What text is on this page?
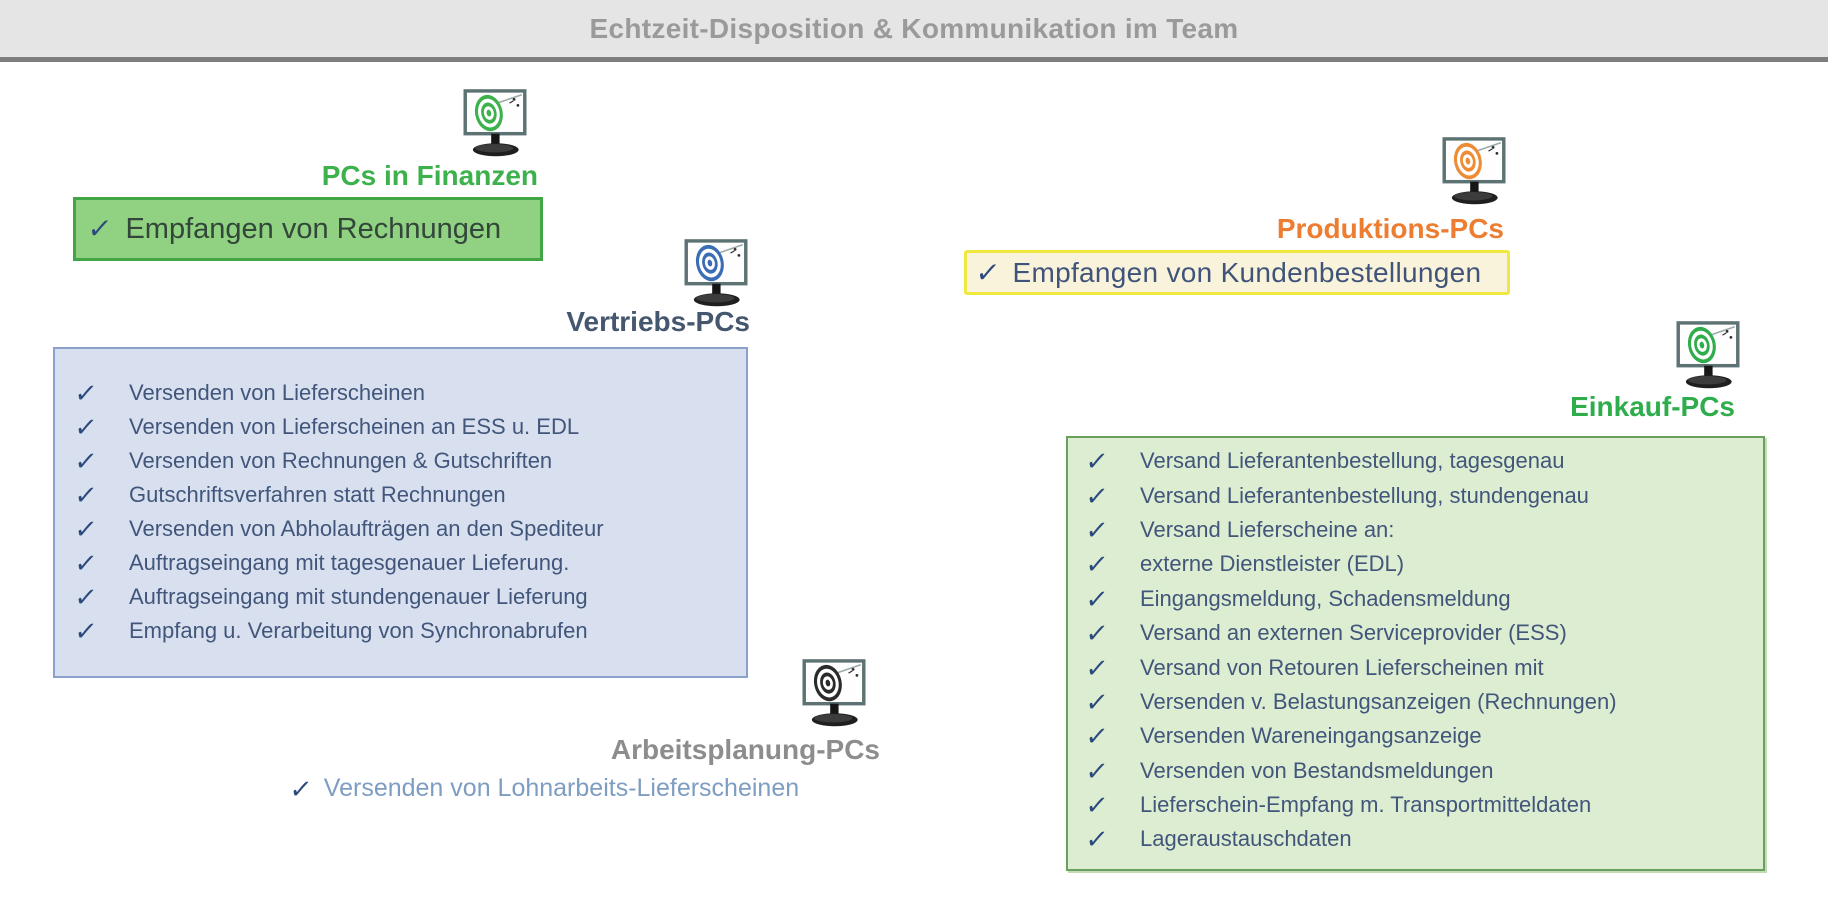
Echtzeit-Disposition & Kommunikation im Team
PCs in Finanzen
✓ Empfangen von Rechnungen
Vertriebs-PCs
✓ Versenden von Lieferscheinen
✓ Versenden von Lieferscheinen an ESS u. EDL
✓ Versenden von Rechnungen & Gutschriften
✓ Gutschriftsverfahren statt Rechnungen
✓ Versenden von Abholaufträgen an den Spediteur
✓ Auftragseingang mit tagesgenauer Lieferung.
✓ Auftragseingang mit stundengenauer Lieferung
✓ Empfang u. Verarbeitung von Synchronabrufen
Produktions-PCs
✓ Empfangen von Kundenbestellungen
Einkauf-PCs
✓ Versand Lieferantenbestellung, tagesgenau
✓ Versand Lieferantenbestellung, stundengenau
✓ Versand Lieferscheine an:
✓ externe Dienstleister (EDL)
✓ Eingangsmeldung, Schadensmeldung
✓ Versand an externen Serviceprovider (ESS)
✓ Versand von Retouren Lieferscheinen mit
✓ Versenden v. Belastungsanzeigen (Rechnungen)
✓ Versenden Wareneingangsanzeige
✓ Versenden von Bestandsmeldungen
✓ Lieferschein-Empfang m. Transportmitteldaten
✓ Lageraustauschdaten
Arbeitsplanung-PCs
✓ Versenden von Lohnarbeits-Lieferscheinen
